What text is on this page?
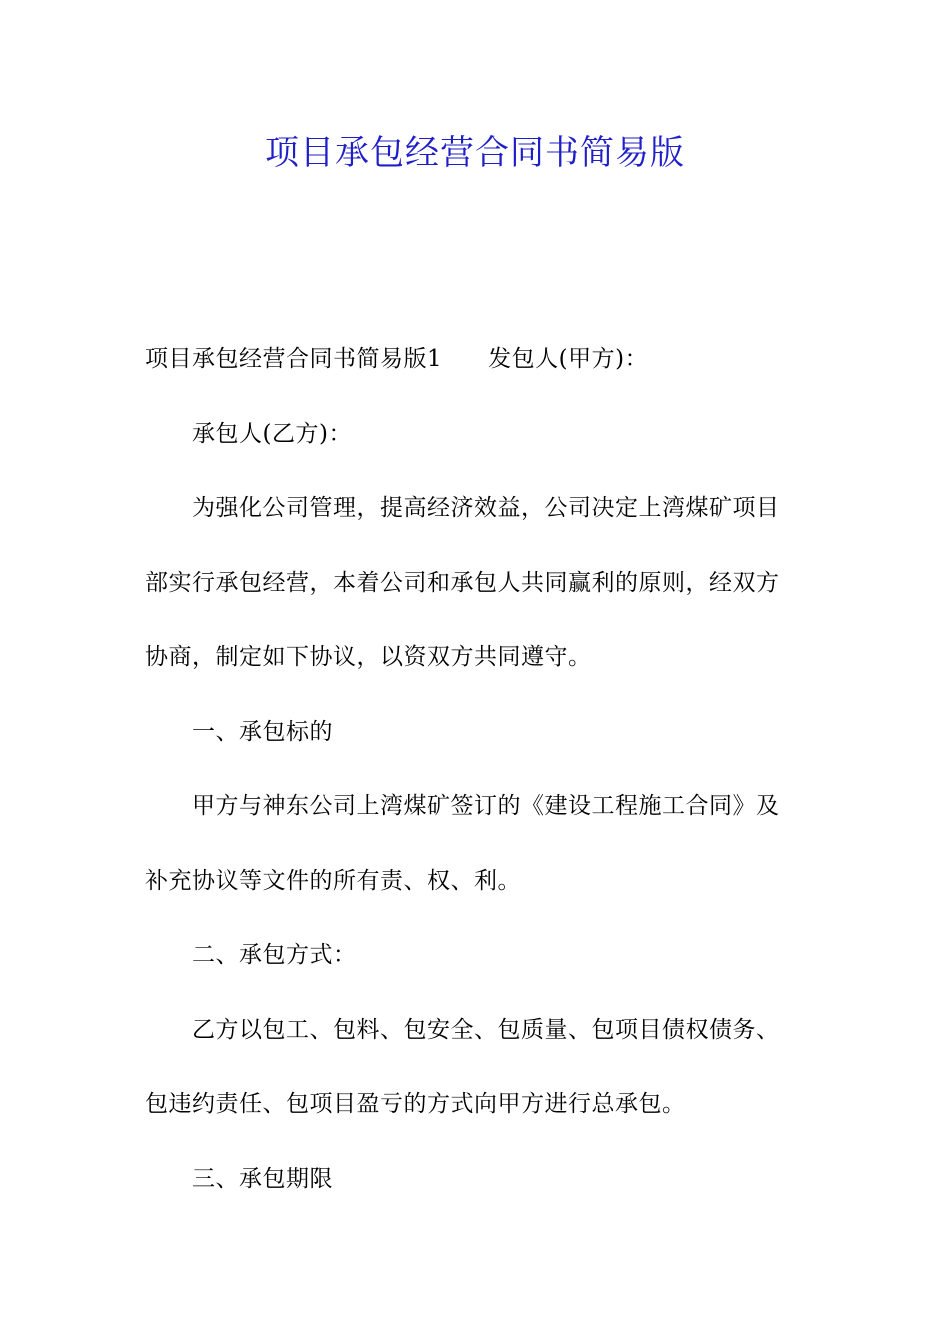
项目承包经营合同书简易版
项目承包经营合同书简易版1 发包人(甲方)：
承包人(乙方)：
为强化公司管理，提高经济效益，公司决定上湾煤矿项目
部实行承包经营，本着公司和承包人共同赢利的原则，经双方
协商，制定如下协议，以资双方共同遵守。
一、承包标的
甲方与神东公司上湾煤矿签订的《建设工程施工合同》及
补充协议等文件的所有责、权、利。
二、承包方式：
乙方以包工、包料、包安全、包质量、包项目债权债务、
包违约责任、包项目盈亏的方式向甲方进行总承包。
三、承包期限
